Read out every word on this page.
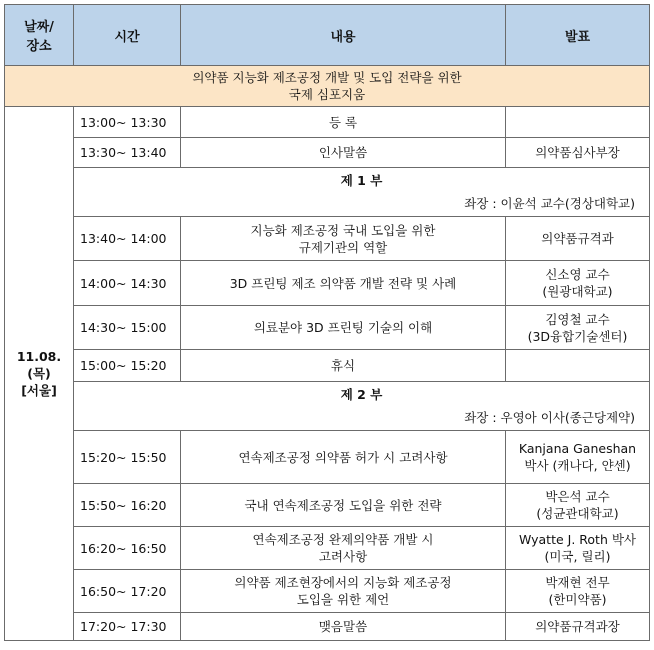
날짜/
장소	시간	내용	발표

의약품 지능화 제조공정 개발 및 도입 전략을 위한
국제 심포지움			

11.08.
(목)
[서울]	13:00~ 13:30	등 록	
	13:30~ 13:40	인사말씀	의약품심사부장

	제 1 부
좌장 : 이윤석 교수(경상대학교)		

	13:40~ 14:00	지능화 제조공정 국내 도입을 위한
규제기관의 역할	의약품규격과
	14:00~ 14:30	3D 프린팅 제조 의약품 개발 전략 및 사례	신소영 교수
(원광대학교)

	14:30~ 15:00	의료분야 3D 프린팅 기술의 이해	김영철 교수
(3D융합기술센터)

	15:00~ 15:20	휴식	

	제 2 부
좌장 : 우영아 이사(종근당제약)		

	15:20~ 15:50	연속제조공정 의약품 허가 시 고려사항	Kanjana Ganeshan
박사 (캐나다, 얀센)

	15:50~ 16:20	국내 연속제조공정 도입을 위한 전략	박은석 교수
(성균관대학교)

	16:20~ 16:50	연속제조공정 완제의약품 개발 시
고려사항	Wyatte J. Roth 박사
(미국, 릴리)

	16:50~ 17:20	의약품 제조현장에서의 지능화 제조공정
도입을 위한 제언	박재현 전무
(한미약품)

	17:20~ 17:30	맺음말씀	의약품규격과장
